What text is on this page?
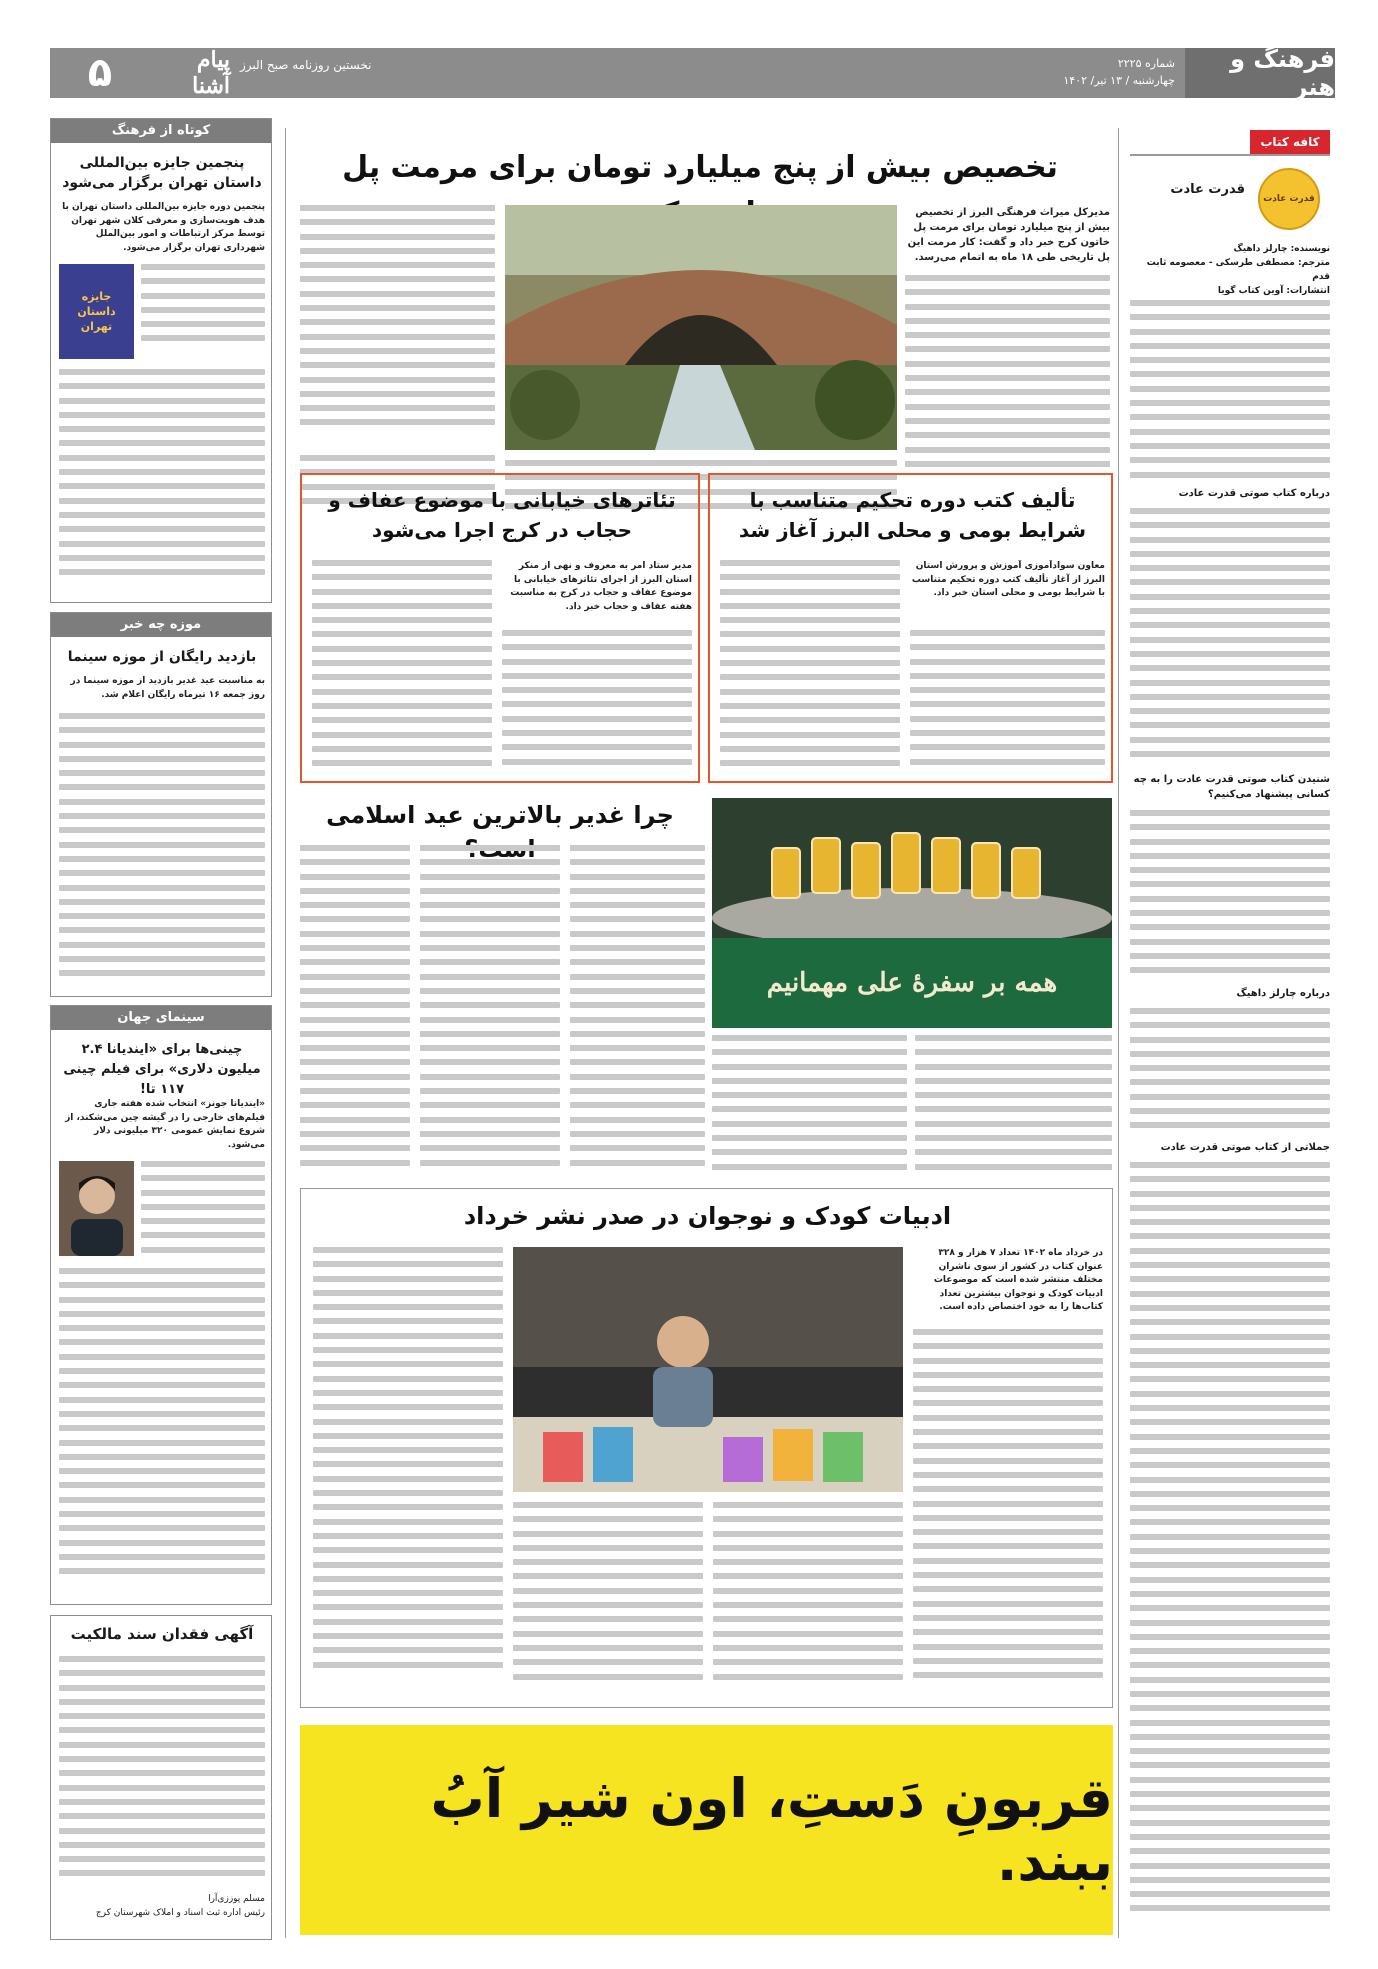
فرهنگ و هنر
شماره ۲۲۲۵
چهارشنبه / ۱۳ تیر/ ۱۴۰۲
نخستین روزنامه صبح البرز
پیام آشنا
۵
کافه کتاب
قدرت عادت
قدرت عادت
نویسنده: چارلز داهیگ
مترجم: مصطفی طرسکی - معصومه ثابت قدم
انتشارات: آوین کتاب گویا
درباره کتاب صوتی قدرت عادت
شنیدن کتاب صوتی قدرت عادت را به چه کسانی پیشنهاد می‌کنیم؟
درباره چارلز داهیگ
جملاتی از کتاب صوتی قدرت عادت
تخصیص بیش از پنج میلیارد تومان برای مرمت پل
مدیرکل میراث فرهنگی البرز از تخصیص بیش از پنج میلیارد تومان برای مرمت پل خاتون کرج خبر داد و گفت: کار مرمت این پل تاریخی طی ۱۸ ماه به اتمام می‌رسد.
تألیف کتب دوره تحکیم متناسب با شرایط بومی و محلی البرز آغاز شد
معاون سوادآموزی آموزش و پرورش استان البرز از آغاز تألیف کتب دوره تحکیم متناسب با شرایط بومی و محلی استان خبر داد.
تئاترهای خیابانی با موضوع عفاف و حجاب در کرج اجرا می‌شود
مدیر ستاد امر به معروف و نهی از منکر استان البرز از اجرای تئاترهای خیابانی با موضوع عفاف و حجاب در کرج به مناسبت هفته عفاف و حجاب خبر داد.
چرا غدیر بالاترین عید اسلامی
همه بر سفرهٔ علی مهمانیم
ادبیات کودک و نوجوان در صدر نشر خرداد
در خرداد ماه ۱۴۰۲ تعداد ۷ هزار و ۳۲۸ عنوان کتاب در کشور از سوی ناشران مختلف منتشر شده است که موضوعات ادبیات کودک و نوجوان بیشترین تعداد کتاب‌ها را به خود اختصاص داده است.
قربونِ دَستِ، اون شیر آبُ ببند.
کوتاه از فرهنگ
پنجمین جایزه بین‌المللی داستان تهران برگزار می‌شود
پنجمین دوره جایزه بین‌المللی داستان تهران با هدف هویت‌سازی و معرفی کلان شهر تهران توسط مرکز ارتباطات و امور بین‌الملل شهرداری تهران برگزار می‌شود.
جایزه
داستان
تهران
موزه چه خبر
بازدید رایگان از موزه سینما
به مناسبت عید غدیر بازدید از موزه سینما در روز جمعه ۱۶ تیرماه رایگان اعلام شد.
سینمای جهان
چینی‌ها برای «ایندیانا ۲.۴ میلیون دلاری» برای فیلم چینی ۱۱۷ تا!
«ایندیانا جونز» انتخاب شده هفته جاری فیلم‌های خارجی را در گیشه چین می‌شکند، از شروع نمایش عمومی ۳۲۰ میلیونی دلار می‌شود.
آگهی فقدان سند مالکیت
مسلم پوززی‌آرا
رئیس اداره ثبت اسناد و املاک شهرستان کرج
